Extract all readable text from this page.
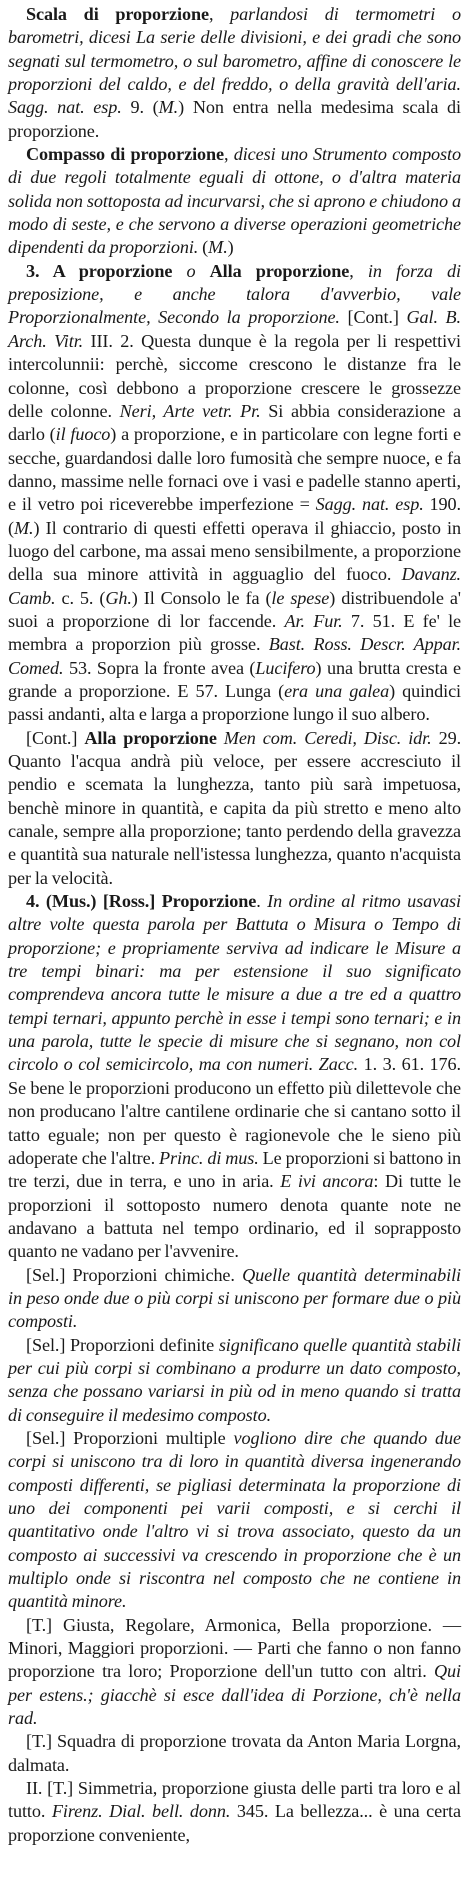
Scala di proporzione, parlandosi di termometri o barometri, dicesi La serie delle divisioni, e dei gradi che sono segnati sul termometro, o sul barometro, affine di conoscere le proporzioni del caldo, e del freddo, o della gravità dell'aria. Sagg. nat. esp. 9. (M.) Non entra nella medesima scala di proporzione.

Compasso di proporzione, dicesi uno Strumento composto di due regoli totalmente eguali di ottone, o d'altra materia solida non sottoposta ad incurvarsi, che si aprono e chiudono a modo di seste, e che servono a diverse operazioni geometriche dipendenti da proporzioni. (M.)

3. A proporzione o Alla proporzione, in forza di preposizione, e anche talora d'avverbio, vale Proporzionalmente, Secondo la proporzione. [Cont.] Gal. B. Arch. Vitr. III. 2. Questa dunque è la regola per li respettivi intercolunnii: perchè, siccome crescono le distanze fra le colonne, così debbono a proporzione crescere le grossezze delle colonne. Neri, Arte vetr. Pr. Si abbia considerazione a darlo (il fuoco) a proporzione, e in particolare con legne forti e secche, guardandosi dalle loro fumosità che sempre nuoce, e fa danno, massime nelle fornaci ove i vasi e padelle stanno aperti, e il vetro poi riceverebbe imperfezione = Sagg. nat. esp. 190. (M.) Il contrario di questi effetti operava il ghiaccio, posto in luogo del carbone, ma assai meno sensibilmente, a proporzione della sua minore attività in agguaglio del fuoco. Davanz. Camb. c. 5. (Gh.) Il Consolo le fa (le spese) distribuendole a' suoi a proporzione di lor faccende. Ar. Fur. 7. 51. E fe' le membra a proporzion più grosse. Bast. Ross. Descr. Appar. Comed. 53. Sopra la fronte avea (Lucifero) una brutta cresta e grande a proporzione. E 57. Lunga (era una galea) quindici passi andanti, alta e larga a proporzione lungo il suo albero.

[Cont.] Alla proporzione Men com. Ceredi, Disc. idr. 29. Quanto l'acqua andrà più veloce, per essere accresciuto il pendio e scemata la lunghezza, tanto più sarà impetuosa, benchè minore in quantità, e capita da più stretto e meno alto canale, sempre alla proporzione; tanto perdendo della gravezza e quantità sua naturale nell'istessa lunghezza, quanto n'acquista per la velocità.

4. (Mus.) [Ross.] Proporzione. In ordine al ritmo usavasi altre volte questa parola per Battuta o Misura o Tempo di proporzione; e propriamente serviva ad indicare le Misure a tre tempi binari: ma per estensione il suo significato comprendeva ancora tutte le misure a due a tre ed a quattro tempi ternari, appunto perchè in esse i tempi sono ternari; e in una parola, tutte le specie di misure che si segnano, non col circolo o col semicircolo, ma con numeri. Zacc. 1. 3. 61. 176. Se bene le proporzioni producono un effetto più dilettevole che non producano l'altre cantilene ordinarie che si cantano sotto il tatto eguale; non per questo è ragionevole che le sieno più adoperate che l'altre. Princ. di mus. Le proporzioni si battono in tre terzi, due in terra, e uno in aria. E ivi ancora: Di tutte le proporzioni il sottoposto numero denota quante note ne andavano a battuta nel tempo ordinario, ed il soprapposto quanto ne vadano per l'avvenire.

[Sel.] Proporzioni chimiche. Quelle quantità determinabili in peso onde due o più corpi si uniscono per formare due o più composti.

[Sel.] Proporzioni definite significano quelle quantità stabili per cui più corpi si combinano a produrre un dato composto, senza che possano variarsi in più od in meno quando si tratta di conseguire il medesimo composto.

[Sel.] Proporzioni multiple vogliono dire che quando due corpi si uniscono tra di loro in quantità diversa ingenerando composti differenti, se pigliasi determinata la proporzione di uno dei componenti pei varii composti, e si cerchi il quantitativo onde l'altro vi si trova associato, questo da un composto ai successivi va crescendo in proporzione che è un multiplo onde si riscontra nel composto che ne contiene in quantità minore.

[T.] Giusta, Regolare, Armonica, Bella proporzione. — Minori, Maggiori proporzioni. — Parti che fanno o non fanno proporzione tra loro; Proporzione dell'un tutto con altri. Qui per estens.; giacchè si esce dall'idea di Porzione, ch'è nella rad.

[T.] Squadra di proporzione trovata da Anton Maria Lorgna, dalmata.

II. [T.] Simmetria, proporzione giusta delle parti tra loro e al tutto. Firenz. Dial. bell. donn. 345. La bellezza... è una certa proporzione conveniente,
